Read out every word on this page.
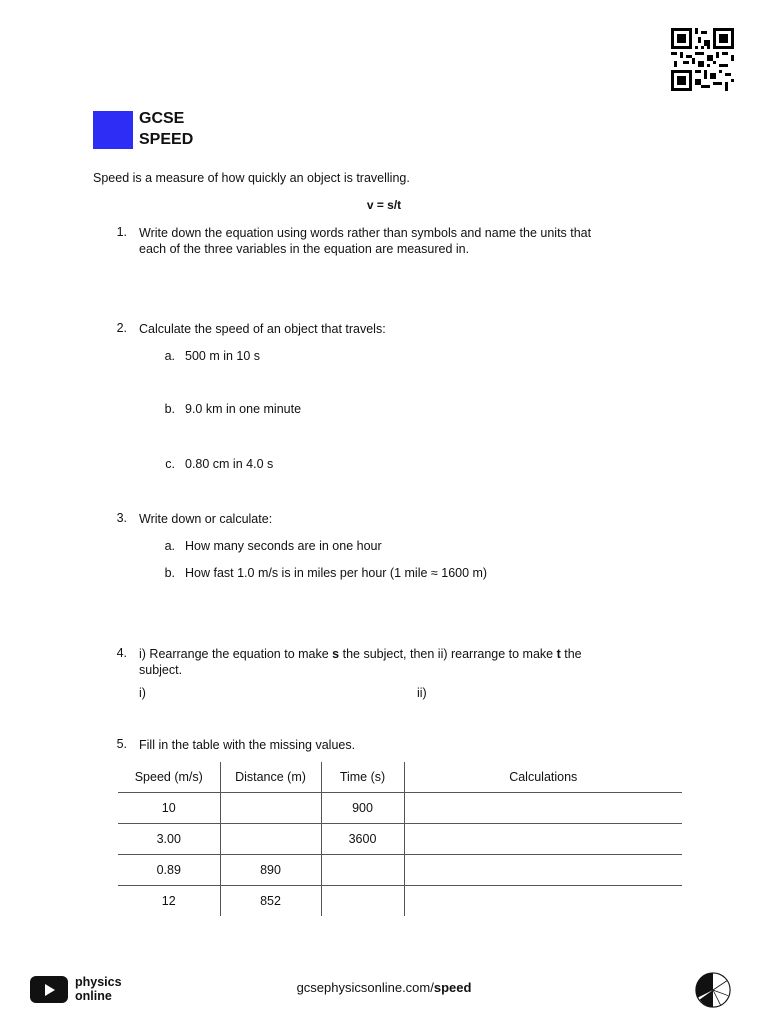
GCSE
SPEED
Speed is a measure of how quickly an object is travelling.
v = s/t
1. Write down the equation using words rather than symbols and name the units that
each of the three variables in the equation are measured in.
2. Calculate the speed of an object that travels:
a. 500 m in 10 s
b. 9.0 km in one minute
c. 0.80 cm in 4.0 s
3. Write down or calculate:
a. How many seconds are in one hour
b. How fast 1.0 m/s is in miles per hour (1 mile ≈ 1600 m)
4. i) Rearrange the equation to make s the subject, then ii) rearrange to make t the
subject.
i)	ii)
5. Fill in the table with the missing values.
Speed (m/s)	Distance (m)	Time (s)	Calculations
10		900	
3.00		3600	
0.89	890		
12	852		
physics
online
gcsephysicsonline.com/speed
